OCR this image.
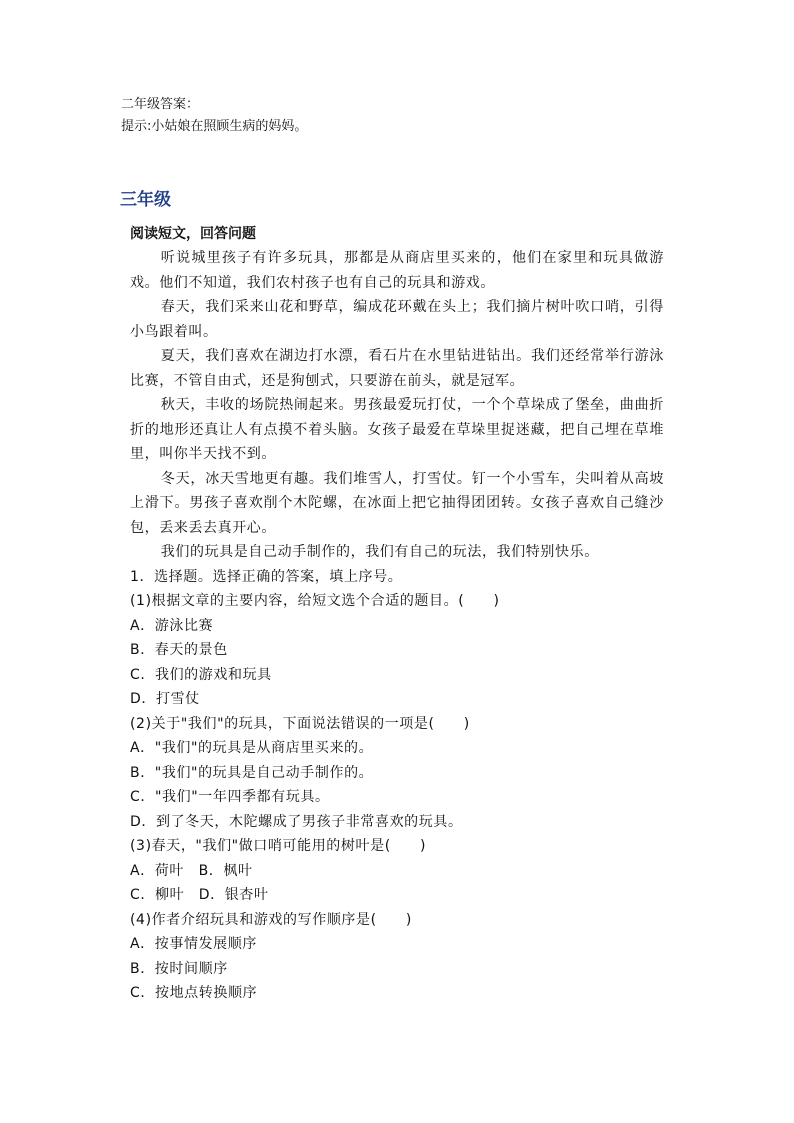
二年级答案：
提示:小姑娘在照顾生病的妈妈。
三年级
阅读短文，回答问题

听说城里孩子有许多玩具，那都是从商店里买来的，他们在家里和玩具做游戏。他们不知道，我们农村孩子也有自己的玩具和游戏。

春天，我们采来山花和野草，编成花环戴在头上；我们摘片树叶吹口哨，引得小鸟跟着叫。

夏天，我们喜欢在湖边打水漂，看石片在水里钻进钻出。我们还经常举行游泳比赛，不管自由式，还是狗刨式，只要游在前头，就是冠军。

秋天，丰收的场院热闹起来。男孩最爱玩打仗，一个个草垛成了堡垒，曲曲折折的地形还真让人有点摸不着头脑。女孩子最爱在草垛里捉迷藏，把自己埋在草堆里，叫你半天找不到。

冬天，冰天雪地更有趣。我们堆雪人，打雪仗。钉一个小雪车，尖叫着从高坡上滑下。男孩子喜欢削个木陀螺，在冰面上把它抽得团团转。女孩子喜欢自己缝沙包，丢来丢去真开心。

我们的玩具是自己动手制作的，我们有自己的玩法，我们特别快乐。

1．选择题。选择正确的答案，填上序号。

(1)根据文章的主要内容，给短文选个合适的题目。(　　)

A．游泳比赛

B．春天的景色

C．我们的游戏和玩具

D．打雪仗

(2)关于"我们"的玩具，下面说法错误的一项是(　　)

A．"我们"的玩具是从商店里买来的。

B．"我们"的玩具是自己动手制作的。

C．"我们"一年四季都有玩具。

D．到了冬天，木陀螺成了男孩子非常喜欢的玩具。

(3)春天，"我们"做口哨可能用的树叶是(　　)

A．荷叶　B．枫叶

C．柳叶　D．银杏叶

(4)作者介绍玩具和游戏的写作顺序是(　　)

A．按事情发展顺序

B．按时间顺序

C．按地点转换顺序
